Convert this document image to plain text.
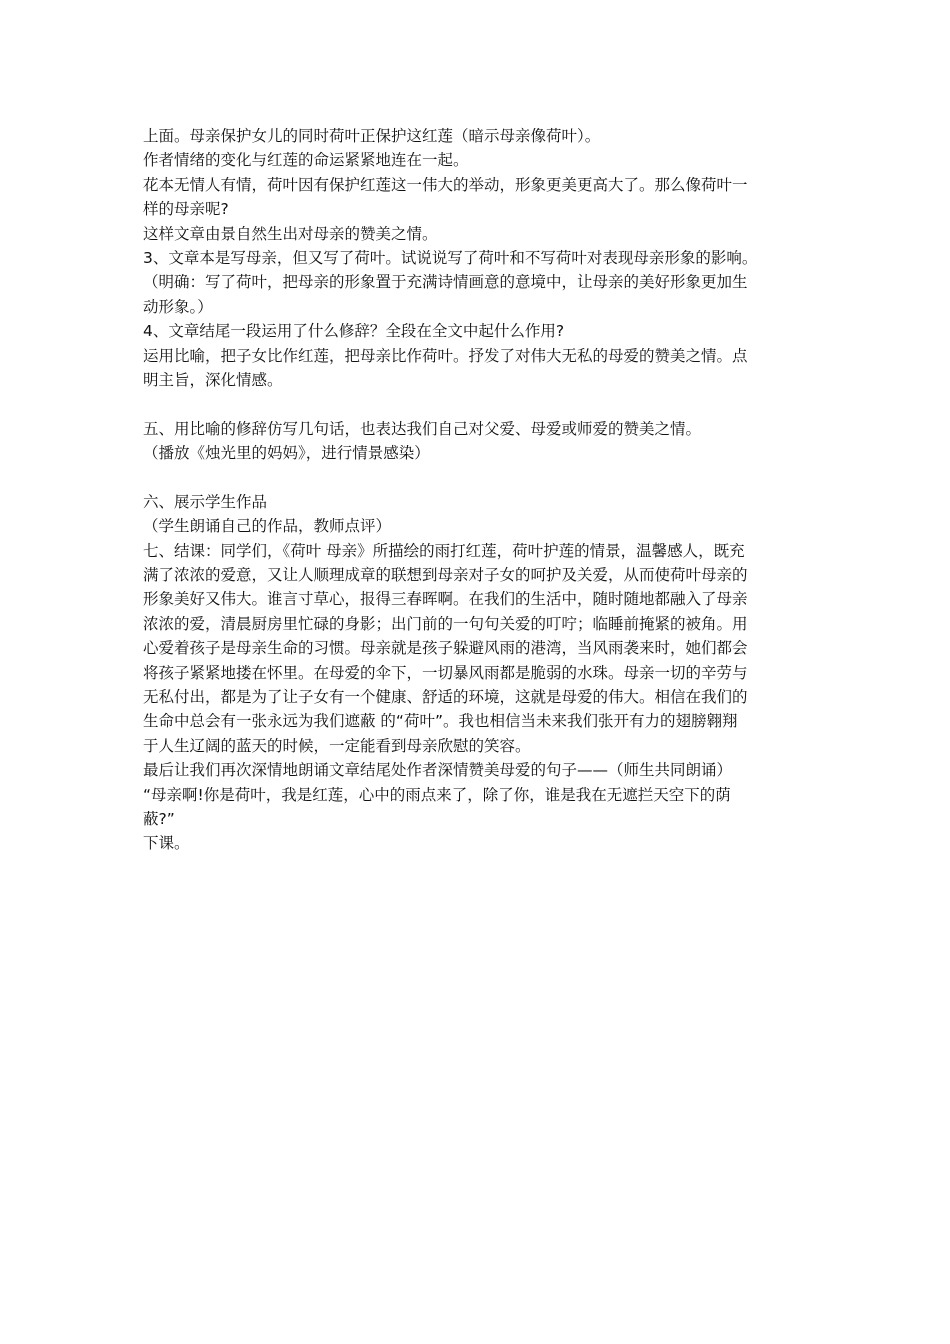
上面。母亲保护女儿的同时荷叶正保护这红莲（暗示母亲像荷叶）。
作者情绪的变化与红莲的命运紧紧地连在一起。
花本无情人有情，荷叶因有保护红莲这一伟大的举动，形象更美更高大了。那么像荷叶一
样的母亲呢?
这样文章由景自然生出对母亲的赞美之情。
3、文章本是写母亲，但又写了荷叶。试说说写了荷叶和不写荷叶对表现母亲形象的影响。
（明确：写了荷叶，把母亲的形象置于充满诗情画意的意境中，让母亲的美好形象更加生
动形象。）
4、文章结尾一段运用了什么修辞？全段在全文中起什么作用?
运用比喻，把子女比作红莲，把母亲比作荷叶。抒发了对伟大无私的母爱的赞美之情。点
明主旨，深化情感。
五、用比喻的修辞仿写几句话，也表达我们自己对父爱、母爱或师爱的赞美之情。
（播放《烛光里的妈妈》，进行情景感染）
六、展示学生作品
（学生朗诵自己的作品，教师点评）
七、结课：同学们，《荷叶 母亲》所描绘的雨打红莲，荷叶护莲的情景，温馨感人，既充
满了浓浓的爱意，又让人顺理成章的联想到母亲对子女的呵护及关爱，从而使荷叶母亲的
形象美好又伟大。谁言寸草心，报得三春晖啊。在我们的生活中，随时随地都融入了母亲
浓浓的爱，清晨厨房里忙碌的身影；出门前的一句句关爱的叮咛；临睡前掩紧的被角。用
心爱着孩子是母亲生命的习惯。母亲就是孩子躲避风雨的港湾，当风雨袭来时，她们都会
将孩子紧紧地搂在怀里。在母爱的伞下，一切暴风雨都是脆弱的水珠。母亲一切的辛劳与
无私付出，都是为了让子女有一个健康、舒适的环境，这就是母爱的伟大。相信在我们的
生命中总会有一张永远为我们遮蔽 的“荷叶”。我也相信当未来我们张开有力的翅膀翱翔
于人生辽阔的蓝天的时候，一定能看到母亲欣慰的笑容。
最后让我们再次深情地朗诵文章结尾处作者深情赞美母爱的句子——（师生共同朗诵）
“母亲啊!你是荷叶，我是红莲，心中的雨点来了，除了你，谁是我在无遮拦天空下的荫
蔽?”
下课。
